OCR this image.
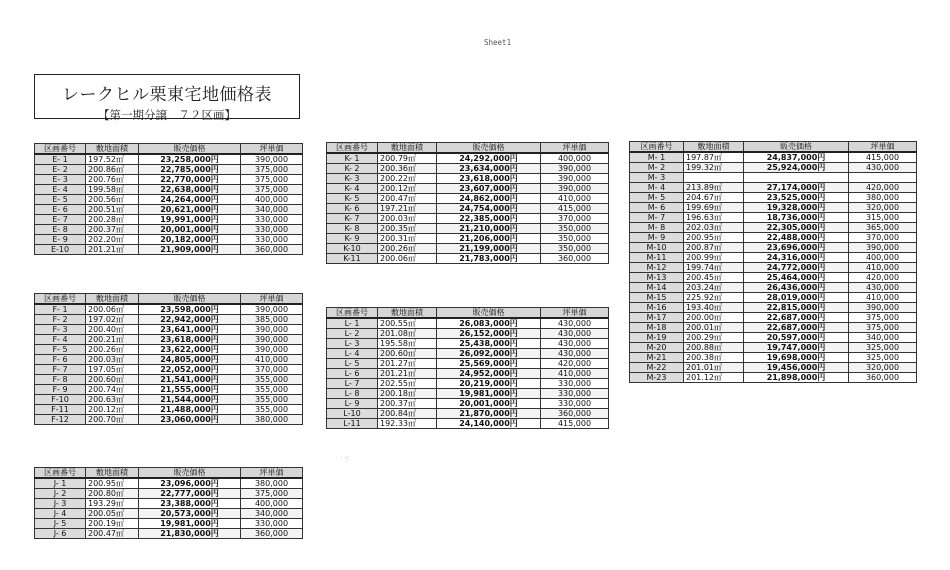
Sheet1
レークヒル栗東宅地価格表
【第一期分譲　７２区画】
区画番号	敷地面積	販売価格	坪単価
E- 1	197.52㎡	23,258,000円	390,000
E- 2	200.86㎡	22,785,000円	375,000
E- 3	200.76㎡	22,770,000円	375,000
E- 4	199.58㎡	22,638,000円	375,000
E- 5	200.56㎡	24,264,000円	400,000
E- 6	200.51㎡	20,621,000円	340,000
E- 7	200.28㎡	19,991,000円	330,000
E- 8	200.37㎡	20,001,000円	330,000
E- 9	202.20㎡	20,182,000円	330,000
E-10	201.21㎡	21,909,000円	360,000
区画番号	敷地面積	販売価格	坪単価
F- 1	200.06㎡	23,598,000円	390,000
F- 2	197.02㎡	22,942,000円	385,000
F- 3	200.40㎡	23,641,000円	390,000
F- 4	200.21㎡	23,618,000円	390,000
F- 5	200.26㎡	23,622,000円	390,000
F- 6	200.03㎡	24,805,000円	410,000
F- 7	197.05㎡	22,052,000円	370,000
F- 8	200.60㎡	21,541,000円	355,000
F- 9	200.74㎡	21,555,000円	355,000
F-10	200.63㎡	21,544,000円	355,000
F-11	200.12㎡	21,488,000円	355,000
F-12	200.70㎡	23,060,000円	380,000
区画番号	敷地面積	販売価格	坪単価
J- 1	200.95㎡	23,096,000円	380,000
J- 2	200.80㎡	22,777,000円	375,000
J- 3	193.29㎡	23,388,000円	400,000
J- 4	200.05㎡	20,573,000円	340,000
J- 5	200.19㎡	19,981,000円	330,000
J- 6	200.47㎡	21,830,000円	360,000
区画番号	敷地面積	販売価格	坪単価
K- 1	200.79㎡	24,292,000円	400,000
K- 2	200.36㎡	23,634,000円	390,000
K- 3	200.22㎡	23,618,000円	390,000
K- 4	200.12㎡	23,607,000円	390,000
K- 5	200.47㎡	24,862,000円	410,000
K- 6	197.21㎡	24,754,000円	415,000
K- 7	200.03㎡	22,385,000円	370,000
K- 8	200.35㎡	21,210,000円	350,000
K- 9	200.31㎡	21,206,000円	350,000
K-10	200.26㎡	21,199,000円	350,000
K-11	200.06㎡	21,783,000円	360,000
区画番号	敷地面積	販売価格	坪単価
L- 1	200.55㎡	26,083,000円	430,000
L- 2	201.08㎡	26,152,000円	430,000
L- 3	195.58㎡	25,438,000円	430,000
L- 4	200.60㎡	26,092,000円	430,000
L- 5	201.27㎡	25,569,000円	420,000
L- 6	201.21㎡	24,952,000円	410,000
L- 7	202.55㎡	20,219,000円	330,000
L- 8	200.18㎡	19,981,000円	330,000
L- 9	200.37㎡	20,001,000円	330,000
L-10	200.84㎡	21,870,000円	360,000
L-11	192.33㎡	24,140,000円	415,000
区画番号	敷地面積	販売価格	坪単価
M- 1	197.87㎡	24,837,000円	415,000
M- 2	199.32㎡	25,924,000円	430,000
M- 3			
M- 4	213.89㎡	27,174,000円	420,000
M- 5	204.67㎡	23,525,000円	380,000
M- 6	199.69㎡	19,328,000円	320,000
M- 7	196.63㎡	18,736,000円	315,000
M- 8	202.03㎡	22,305,000円	365,000
M- 9	200.95㎡	22,488,000円	370,000
M-10	200.87㎡	23,696,000円	390,000
M-11	200.99㎡	24,316,000円	400,000
M-12	199.74㎡	24,772,000円	410,000
M-13	200.45㎡	25,464,000円	420,000
M-14	203.24㎡	26,436,000円	430,000
M-15	225.92㎡	28,019,000円	410,000
M-16	193.40㎡	22,815,000円	390,000
M-17	200.00㎡	22,687,000円	375,000
M-18	200.01㎡	22,687,000円	375,000
M-19	200.29㎡	20,597,000円	340,000
M-20	200.88㎡	19,747,000円	325,000
M-21	200.38㎡	19,698,000円	325,000
M-22	201.01㎡	19,456,000円	320,000
M-23	201.12㎡	21,898,000円	360,000
· ·:
